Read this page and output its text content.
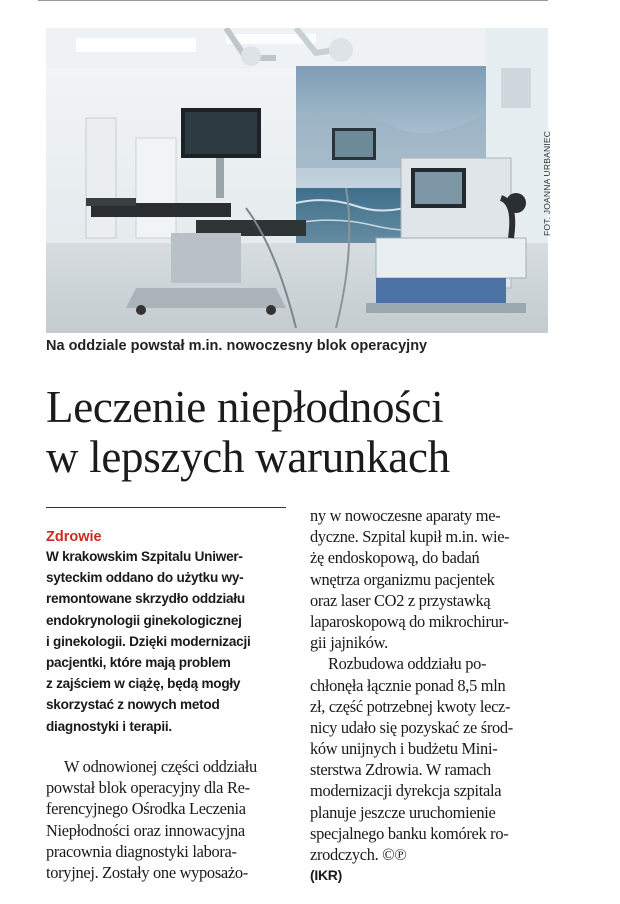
FOT. JOANNA URBANIEC
Na oddziale powstał m.in. nowoczesny blok operacyjny
Leczenie niepłodności
w lepszych warunkach
Zdrowie
W krakowskim Szpitalu Uniwer-
syteckim oddano do użytku wy-
remontowane skrzydło oddziału
endokrynologii ginekologicznej
i ginekologii. Dzięki modernizacji
pacjentki, które mają problem
z zajściem w ciążę, będą mogły
skorzystać z nowych metod
diagnostyki i terapii.
W odnowionej części oddziału
powstał blok operacyjny dla Re-
ferencyjnego Ośrodka Leczenia
Niepłodności oraz innowacyjna
pracownia diagnostyki labora-
toryjnej. Zostały one wyposażo-
ny w nowoczesne aparaty me-
dyczne. Szpital kupił m.in. wie-
żę endoskopową, do badań
wnętrza organizmu pacjentek
oraz laser CO2 z przystawką
laparoskopową do mikrochirur-
gii jajników.
Rozbudowa oddziału po-
chłonęła łącznie ponad 8,5 mln
zł, część potrzebnej kwoty lecz-
nicy udało się pozyskać ze środ-
ków unijnych i budżetu Mini-
sterstwa Zdrowia. W ramach
modernizacji dyrekcja szpitala
planuje jeszcze uruchomienie
specjalnego banku komórek ro-
zrodczych. ©℗
(IKR)
